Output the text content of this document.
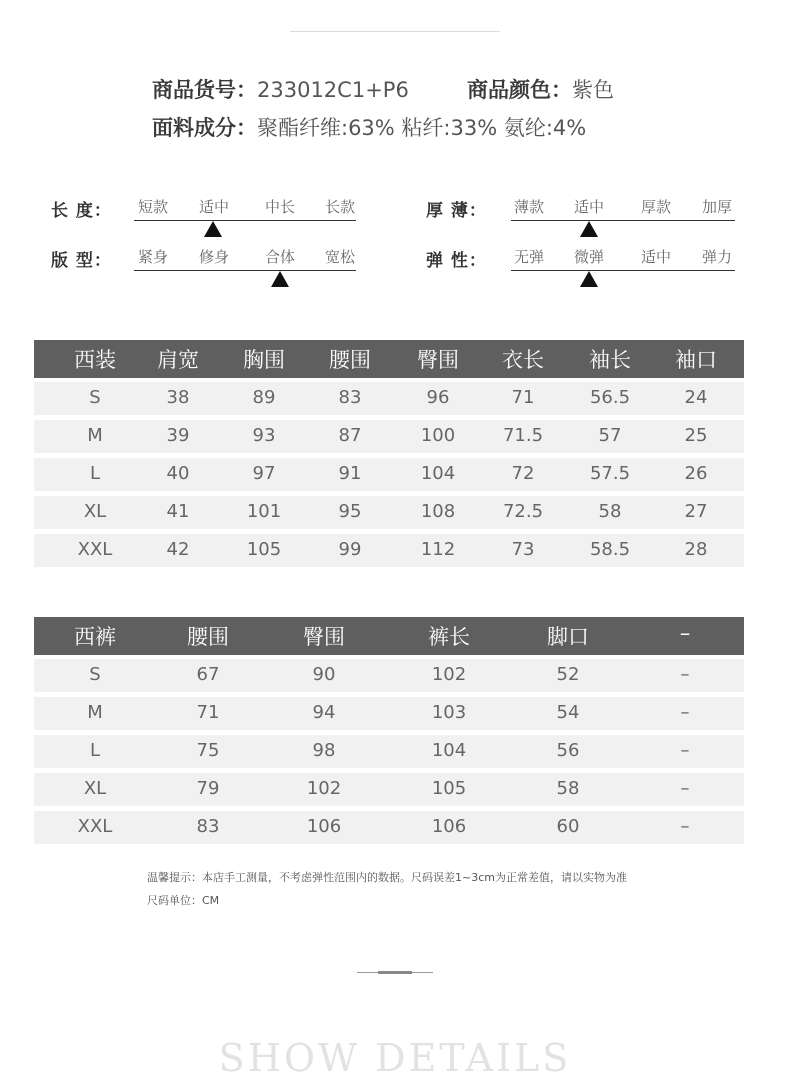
商品货号：233012C1+P6	商品颜色：紫色
面料成分：聚酯纤维:63% 粘纤:33% 氨纶:4%
长 度： 短款 适中 中长 长款
版 型： 紧身 修身 合体 宽松
厚 薄： 薄款 适中 厚款 加厚
弹 性： 无弹 微弹 适中 弹力
西装 肩宽 胸围 腰围 臀围 衣长 袖长 袖口
S	38	89	83	96	71	56.5	24
M	39	93	87	100	71.5	57	25
L	40	97	91	104	72	57.5	26
XL	41	101	95	108	72.5	58	27
XXL	42	105	99	112	73	58.5	28
西裤	腰围	臀围	裤长	脚口	–
S	67	90	102	52	–
M	71	94	103	54	–
L	75	98	104	56	–
XL	79	102	105	58	–
XXL	83	106	106	60	–
温馨提示：本店手工测量，不考虑弹性范围内的数据。尺码误差1~3cm为正常差值，请以实物为准
尺码单位：CM
SHOW DETAILS
